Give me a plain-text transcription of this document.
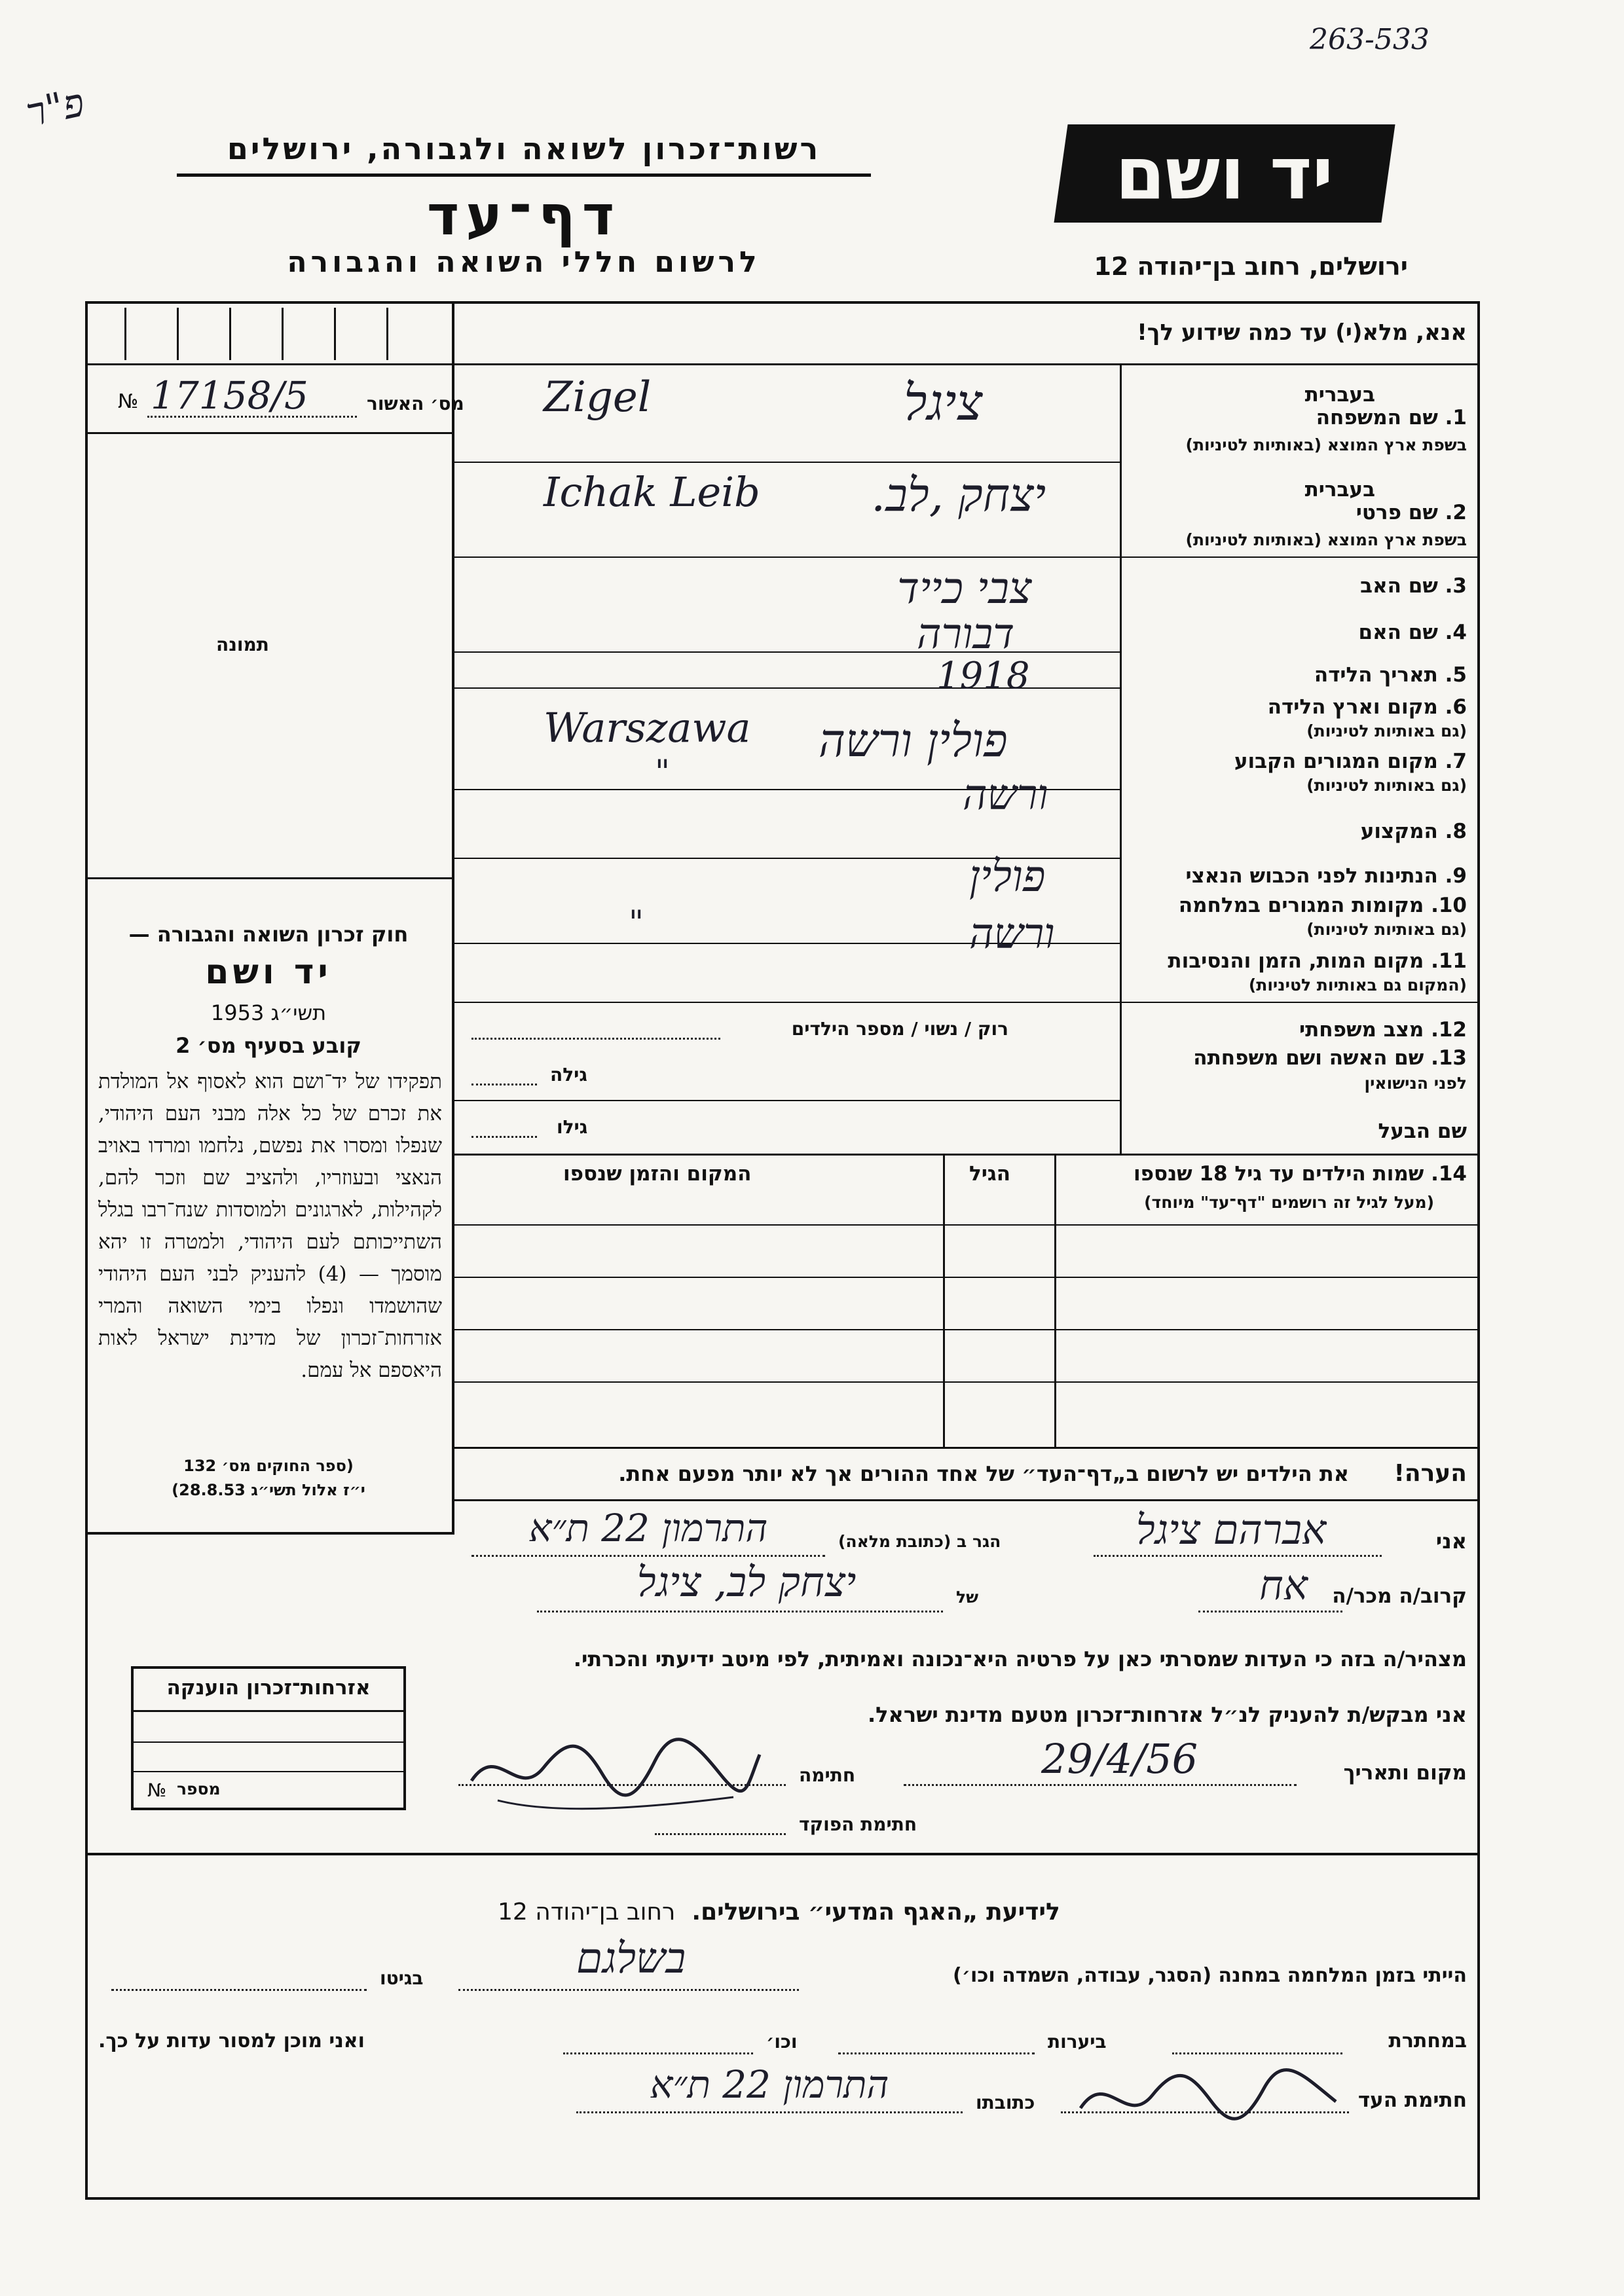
263-533
פ"ר
יד ושם
רשות־זכרון לשואה ולגבורה, ירושלים
דף־עד
לרשום חללי השואה והגבורה	ירושלים, רחוב בן־יהודה 12
אנא, מלא(י) עד כמה שידוע לך!
מס׳ האשור
№ 17158/5
תמונה
בעברית
1. שם המשפחה
בשפת ארץ המוצא (באותיות לטיניות)
בעברית
2. שם פרטי
בשפת ארץ המוצא (באותיות לטיניות)
3. שם האב
4. שם האם
5. תאריך הלידה
6. מקום וארץ הלידה
(גם באותיות לטיניות)
7. מקום המגורים הקבוע
(גם באותיות לטיניות)
8. המקצוע
9. הנתינות לפני הכבוש הנאצי
10. מקומות המגורים במלחמה
(גם באותיות לטיניות)
11. מקום המות, הזמן והנסיבות
(המקום גם באותיות לטיניות)
12. מצב משפחתי
13. שם האשה ושם משפחתה
לפני הנישואין
שם הבעל
ציגל
Zigel
יצחק ,לב.
Ichak Leib
צבי כייד
דבורה
1918
פולין ורשה
Warszawa
ורשה
"
פולין
ורשה
"
רוק / נשוי / מספר הילדים
גילה
גילו
14. שמות הילדים עד גיל 18 שנספו
(מעל לגיל זה רושמים "דף־עד" מיוחד)
הגיל
המקום והזמן שנספו
חוק זכרון השואה והגבורה —
יד ושם
תשי״ג 1953
קובע בסעיף מס׳ 2
תפקידו של יד־ושם הוא לאסוף אל המולדת את זכרם של כל אלה מבני העם היהודי, שנפלו ומסרו את נפשם, נלחמו ומרדו באויב הנאצי ובעוזריו, ולהציב שם וזכר להם, לקהילות, לארגונים ולמוסדות שנח־רבו בגלל השתייכותם לעם היהודי, ולמטרה זו יהא מוסמך — (4) להעניק לבני העם היהודי שהושמדו ונפלו בימי השואה והמרי אזרחות־זכרון של מדינת ישראל לאות היאספם אל עמם.
(ספר החוקים מס׳ 132
י״ז אלול תשי״ג 28.8.53)
הערה!
את הילדים יש לרשום ב„דף־העד״ של אחד ההורים אך לא יותר מפעם אחת.
אני
אברהם ציגל
הגר ב (כתובת מלאה)
התרמון 22 ת״א
קרוב/ה מכר/ה
אח
של
יצחק לב, ציגל
מצהיר/ה בזה כי העדות שמסרתי כאן על פרטיה היא־נכונה ואמיתית, לפי מיטב ידיעתי והכרתי.
אני מבקש/ת להעניק לנ״ל אזרחות־זכרון מטעם מדינת ישראל.
מקום ותאריך
29/4/56
חתימה
חתימת הפוקד
אזרחות־זכרון הוענקה
מספר
№
לידיעת „האגף המדעי״ בירושלים.  רחוב בן־יהודה 12
הייתי בזמן המלחמה במחנה (הסגר, עבודה, השמדה וכו׳)
בשלגם
בגיטו
במחתרת
ביערות
וכו׳
ואני מוכן למסור עדות על כך.
חתימת העד
כתובתו
התרמון 22 ת״א
